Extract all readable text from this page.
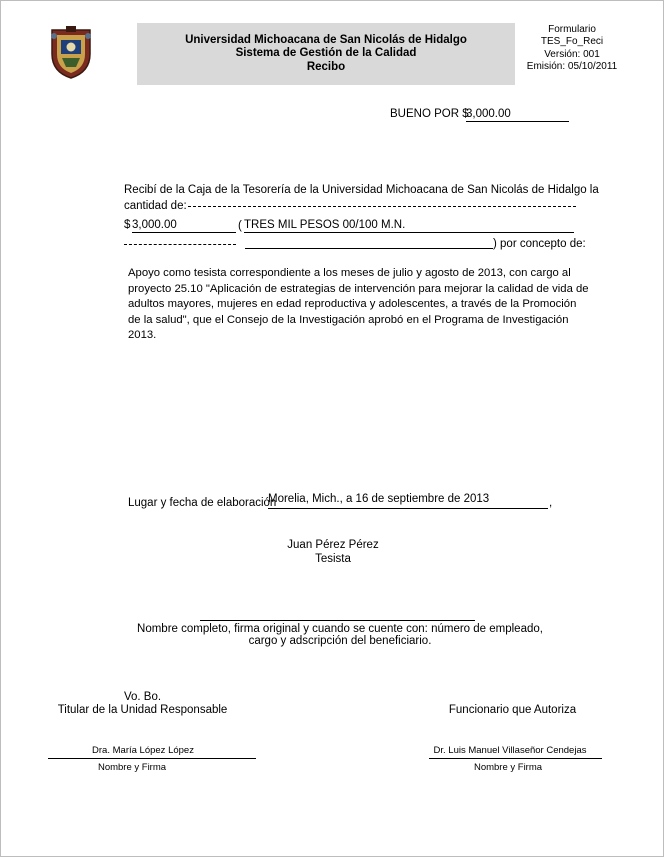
Universidad Michoacana de San Nicolás de Hidalgo
Sistema de Gestión de la Calidad
Recibo
Formulario
TES_Fo_Reci
Versión: 001
Emisión: 05/10/2011
BUENO POR $
3,000.00
Recibí de la Caja de la Tesorería de la Universidad Michoacana de San Nicolás de Hidalgo la
cantidad de:
$ 3,000.00	( TRES MIL PESOS 00/100 M.N.
) por concepto de:
Apoyo como tesista correspondiente a los meses de julio y agosto de 2013, con cargo al proyecto 25.10 "Aplicación de estrategias de intervención para mejorar la calidad de vida de adultos mayores, mujeres en edad reproductiva y adolescentes, a través de la Promoción de la salud", que el Consejo de la Investigación aprobó en el Programa de Investigación 2013.
Lugar y fecha de elaboración
Morelia, Mich., a 16 de septiembre de 2013	,
Juan Pérez Pérez
Tesista
Nombre completo, firma original y cuando se cuente con: número de empleado,
cargo y adscripción del beneficiario.
Vo. Bo.
Titular de la Unidad Responsable
Dra. María López López
Nombre y Firma
Funcionario que Autoriza
Dr. Luis Manuel Villaseñor Cendejas
Nombre y Firma
